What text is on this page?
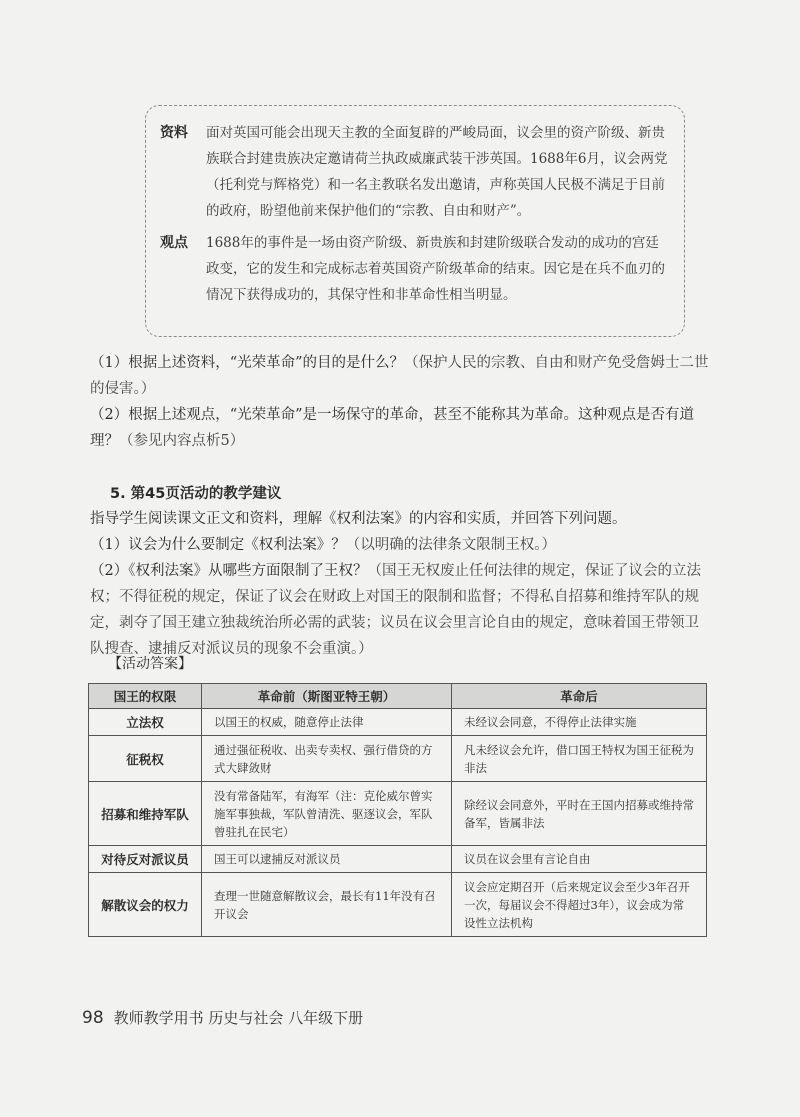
资料	面对英国可能会出现天主教的全面复辟的严峻局面，议会里的资产阶级、新贵族联合封建贵族决定邀请荷兰执政威廉武装干涉英国。1688年6月，议会两党（托利党与辉格党）和一名主教联名发出邀请，声称英国人民极不满足于目前的政府，盼望他前来保护他们的“宗教、自由和财产”。
观点	1688年的事件是一场由资产阶级、新贵族和封建阶级联合发动的成功的宫廷政变，它的发生和完成标志着英国资产阶级革命的结束。因它是在兵不血刃的情况下获得成功的，其保守性和非革命性相当明显。
（1）根据上述资料，“光荣革命”的目的是什么？（保护人民的宗教、自由和财产免受詹姆士二世的侵害。）
（2）根据上述观点，“光荣革命”是一场保守的革命，甚至不能称其为革命。这种观点是否有道理？（参见内容点析5）
5. 第45页活动的教学建议
指导学生阅读课文正文和资料，理解《权利法案》的内容和实质，并回答下列问题。
（1）议会为什么要制定《权利法案》？（以明确的法律条文限制王权。）
（2）《权利法案》从哪些方面限制了王权？（国王无权废止任何法律的规定，保证了议会的立法权；不得征税的规定，保证了议会在财政上对国王的限制和监督；不得私自招募和维持军队的规定，剥夺了国王建立独裁统治所必需的武装；议员在议会里言论自由的规定，意味着国王带领卫队搜查、逮捕反对派议员的现象不会重演。）
【活动答案】
国王的权限	革命前（斯图亚特王朝）	革命后
立法权	以国王的权威，随意停止法律	未经议会同意，不得停止法律实施
征税权	通过强征税收、出卖专卖权、强行借贷的方式大肆敛财	凡未经议会允许，借口国王特权为国王征税为非法
招募和维持军队	没有常备陆军，有海军（注：克伦威尔曾实施军事独裁，军队曾清洗、驱逐议会，军队曾驻扎在民宅）	除经议会同意外，平时在王国内招募或维持常备军，皆属非法
对待反对派议员	国王可以逮捕反对派议员	议员在议会里有言论自由
解散议会的权力	查理一世随意解散议会，最长有11年没有召开议会	议会应定期召开（后来规定议会至少3年召开一次，每届议会不得超过3年），议会成为常设性立法机构
98 教师教学用书 历史与社会 八年级下册
